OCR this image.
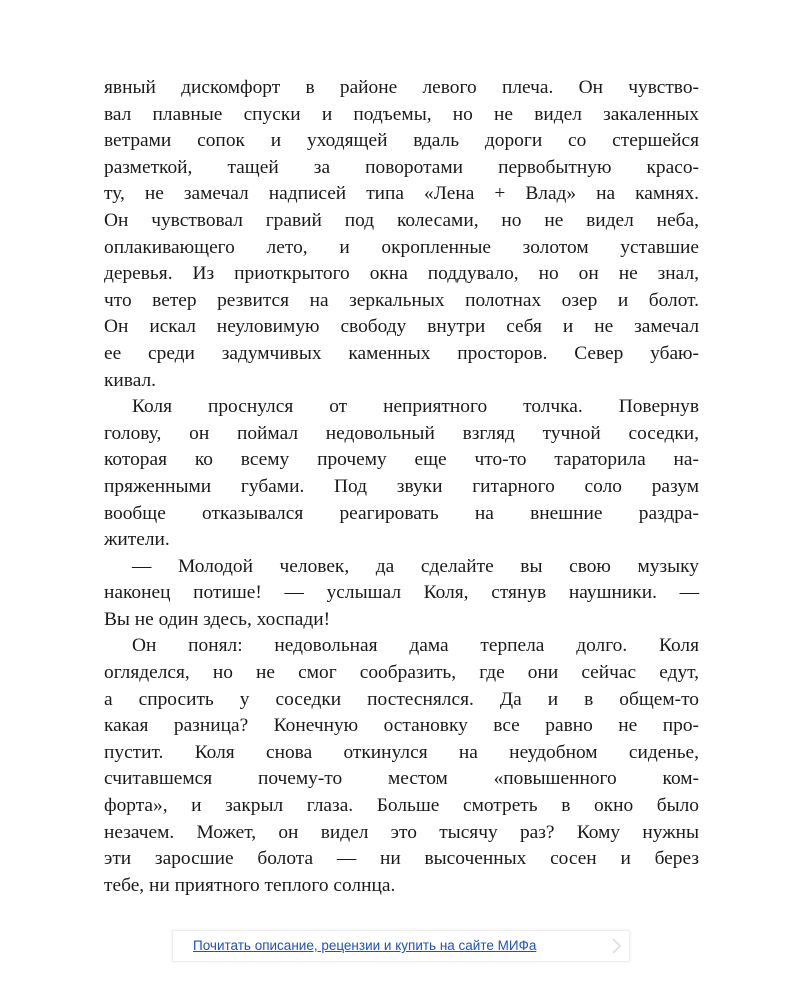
явный дискомфорт в районе левого плеча. Он чувство-
вал плавные спуски и подъемы, но не видел закаленных
ветрами сопок и уходящей вдаль дороги со стершейся
разметкой, тащей за поворотами первобытную красо-
ту, не замечал надписей типа «Лена + Влад» на камнях.
Он чувствовал гравий под колесами, но не видел неба,
оплакивающего лето, и окропленные золотом уставшие
деревья. Из приоткрытого окна поддувало, но он не знал,
что ветер резвится на зеркальных полотнах озер и болот.
Он искал неуловимую свободу внутри себя и не замечал
ее среди задумчивых каменных просторов. Север убаю-
кивал.
Коля проснулся от неприятного толчка. Повернув
голову, он поймал недовольный взгляд тучной соседки,
которая ко всему прочему еще что-то тараторила на-
пряженными губами. Под звуки гитарного соло разум
вообще отказывался реагировать на внешние раздра-
жители.
— Молодой человек, да сделайте вы свою музыку
наконец потише! — услышал Коля, стянув наушники. —
Вы не один здесь, хоспади!
Он понял: недовольная дама терпела долго. Коля
огляделся, но не смог сообразить, где они сейчас едут,
а спросить у соседки постеснялся. Да и в общем-то
какая разница? Конечную остановку все равно не про-
пустит. Коля снова откинулся на неудобном сиденье,
считавшемся почему-то местом «повышенного ком-
форта», и закрыл глаза. Больше смотреть в окно было
незачем. Может, он видел это тысячу раз? Кому нужны
эти заросшие болота — ни высоченных сосен и берез
тебе, ни приятного теплого солнца.
Почитать описание, рецензии и купить на сайте МИФа
